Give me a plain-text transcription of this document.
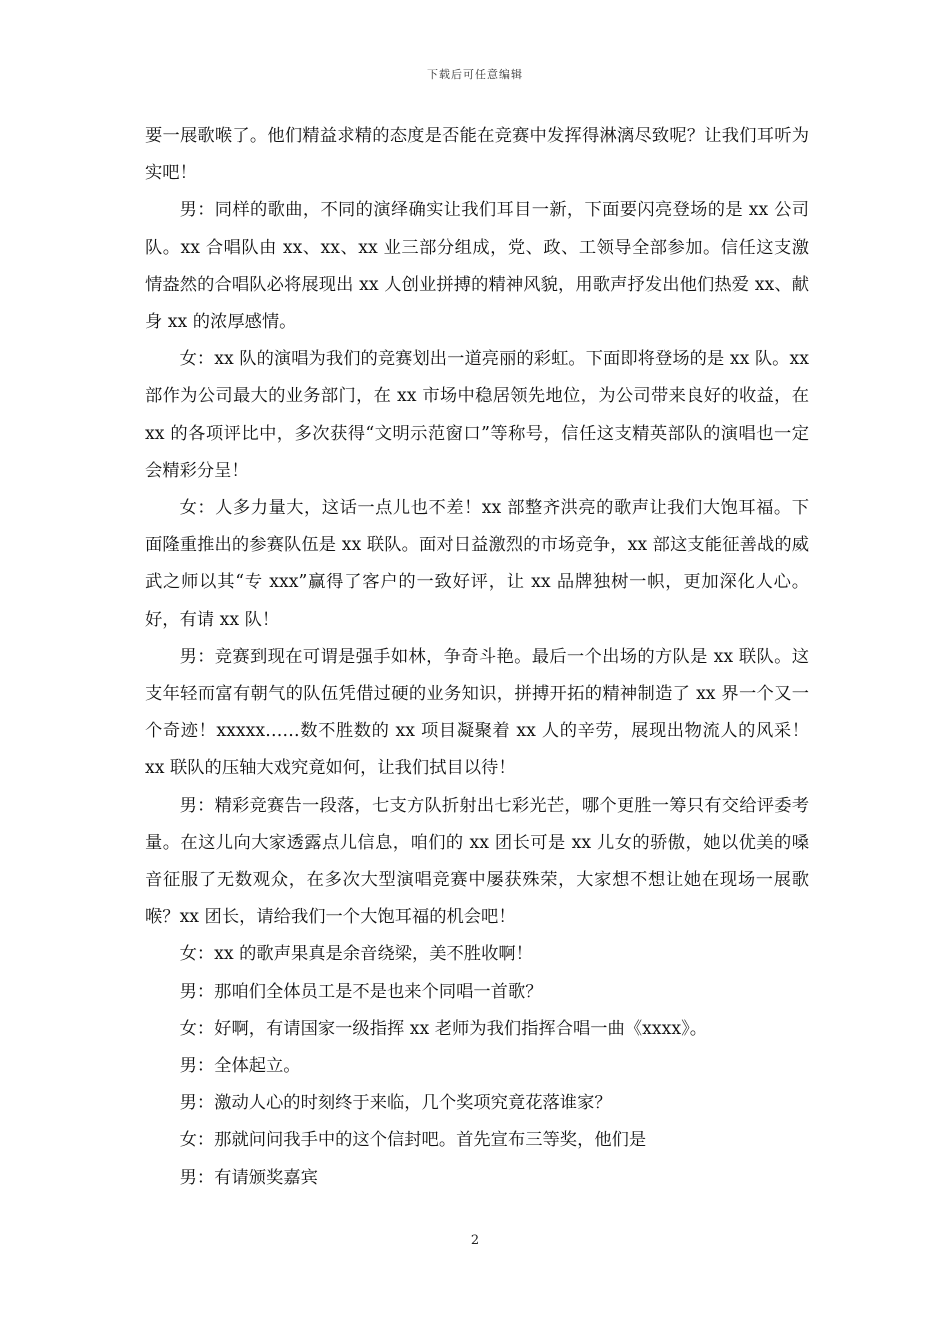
下载后可任意编辑

要一展歌喉了。他们精益求精的态度是否能在竞赛中发挥得淋漓尽致呢？让我们耳听为实吧！

男：同样的歌曲，不同的演绎确实让我们耳目一新，下面要闪亮登场的是 xx 公司队。xx 合唱队由 xx、xx、xx 业三部分组成，党、政、工领导全部参加。信任这支激情盎然的合唱队必将展现出 xx 人创业拼搏的精神风貌，用歌声抒发出他们热爱 xx、献身 xx 的浓厚感情。

女：xx 队的演唱为我们的竞赛划出一道亮丽的彩虹。下面即将登场的是 xx 队。xx 部作为公司最大的业务部门，在 xx 市场中稳居领先地位，为公司带来良好的收益，在 xx 的各项评比中，多次获得“文明示范窗口”等称号，信任这支精英部队的演唱也一定会精彩分呈！

女：人多力量大，这话一点儿也不差！xx 部整齐洪亮的歌声让我们大饱耳福。下面隆重推出的参赛队伍是 xx 联队。面对日益激烈的市场竞争，xx 部这支能征善战的威武之师以其“专 xxx”赢得了客户的一致好评，让 xx 品牌独树一帜，更加深化人心。好，有请 xx 队！

男：竞赛到现在可谓是强手如林，争奇斗艳。最后一个出场的方队是 xx 联队。这支年轻而富有朝气的队伍凭借过硬的业务知识，拼搏开拓的精神制造了 xx 界一个又一个奇迹！xxxxx……数不胜数的 xx 项目凝聚着 xx 人的辛劳，展现出物流人的风采！xx 联队的压轴大戏究竟如何，让我们拭目以待！

男：精彩竞赛告一段落，七支方队折射出七彩光芒，哪个更胜一筹只有交给评委考量。在这儿向大家透露点儿信息，咱们的 xx 团长可是 xx 儿女的骄傲，她以优美的嗓音征服了无数观众，在多次大型演唱竞赛中屡获殊荣，大家想不想让她在现场一展歌喉？xx 团长，请给我们一个大饱耳福的机会吧！

女：xx 的歌声果真是余音绕梁，美不胜收啊！

男：那咱们全体员工是不是也来个同唱一首歌？

女：好啊，有请国家一级指挥 xx 老师为我们指挥合唱一曲《xxxx》。

男：全体起立。

男：激动人心的时刻终于来临，几个奖项究竟花落谁家？

女：那就问问我手中的这个信封吧。首先宣布三等奖，他们是

男：有请颁奖嘉宾

2
